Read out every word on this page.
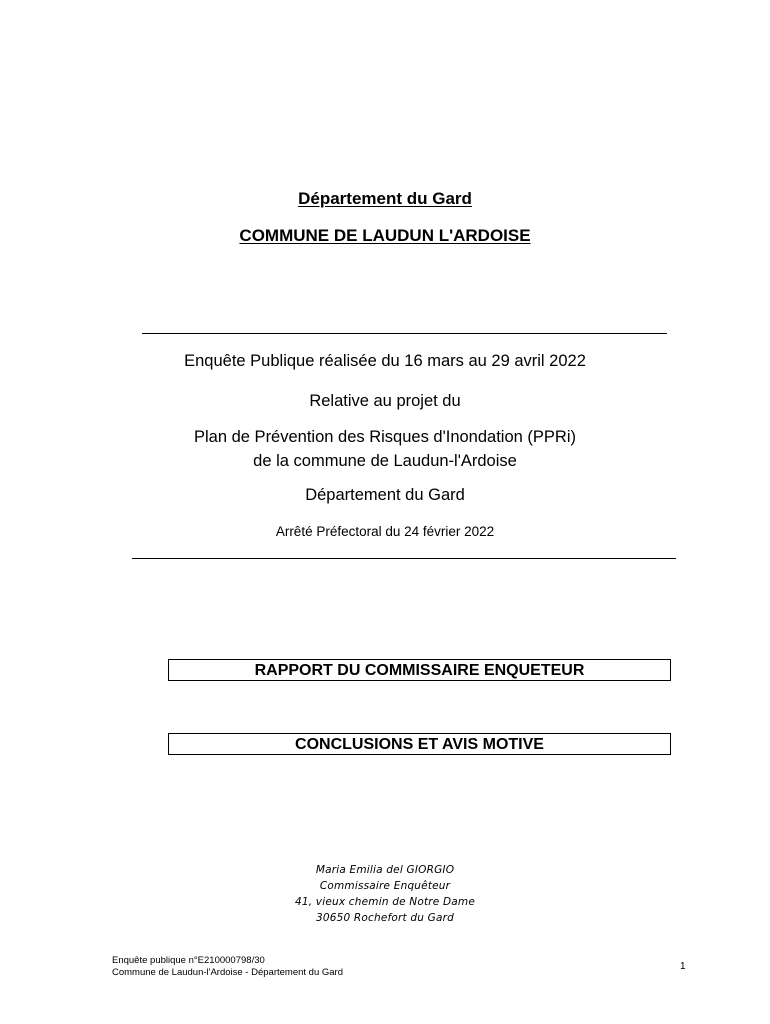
Département du Gard
COMMUNE DE LAUDUN L'ARDOISE
Enquête Publique réalisée du 16 mars au 29 avril 2022
Relative au projet du
Plan de Prévention des Risques d'Inondation (PPRi)
de la commune de Laudun-l'Ardoise
Département du Gard
Arrêté Préfectoral du 24 février 2022
RAPPORT DU COMMISSAIRE ENQUETEUR
CONCLUSIONS ET AVIS MOTIVE
Maria Emilia del GIORGIO
Commissaire Enquêteur
41, vieux chemin de Notre Dame
30650 Rochefort du Gard
Enquête publique n°E210000798/30
Commune de Laudun-l'Ardoise - Département du Gard
1
